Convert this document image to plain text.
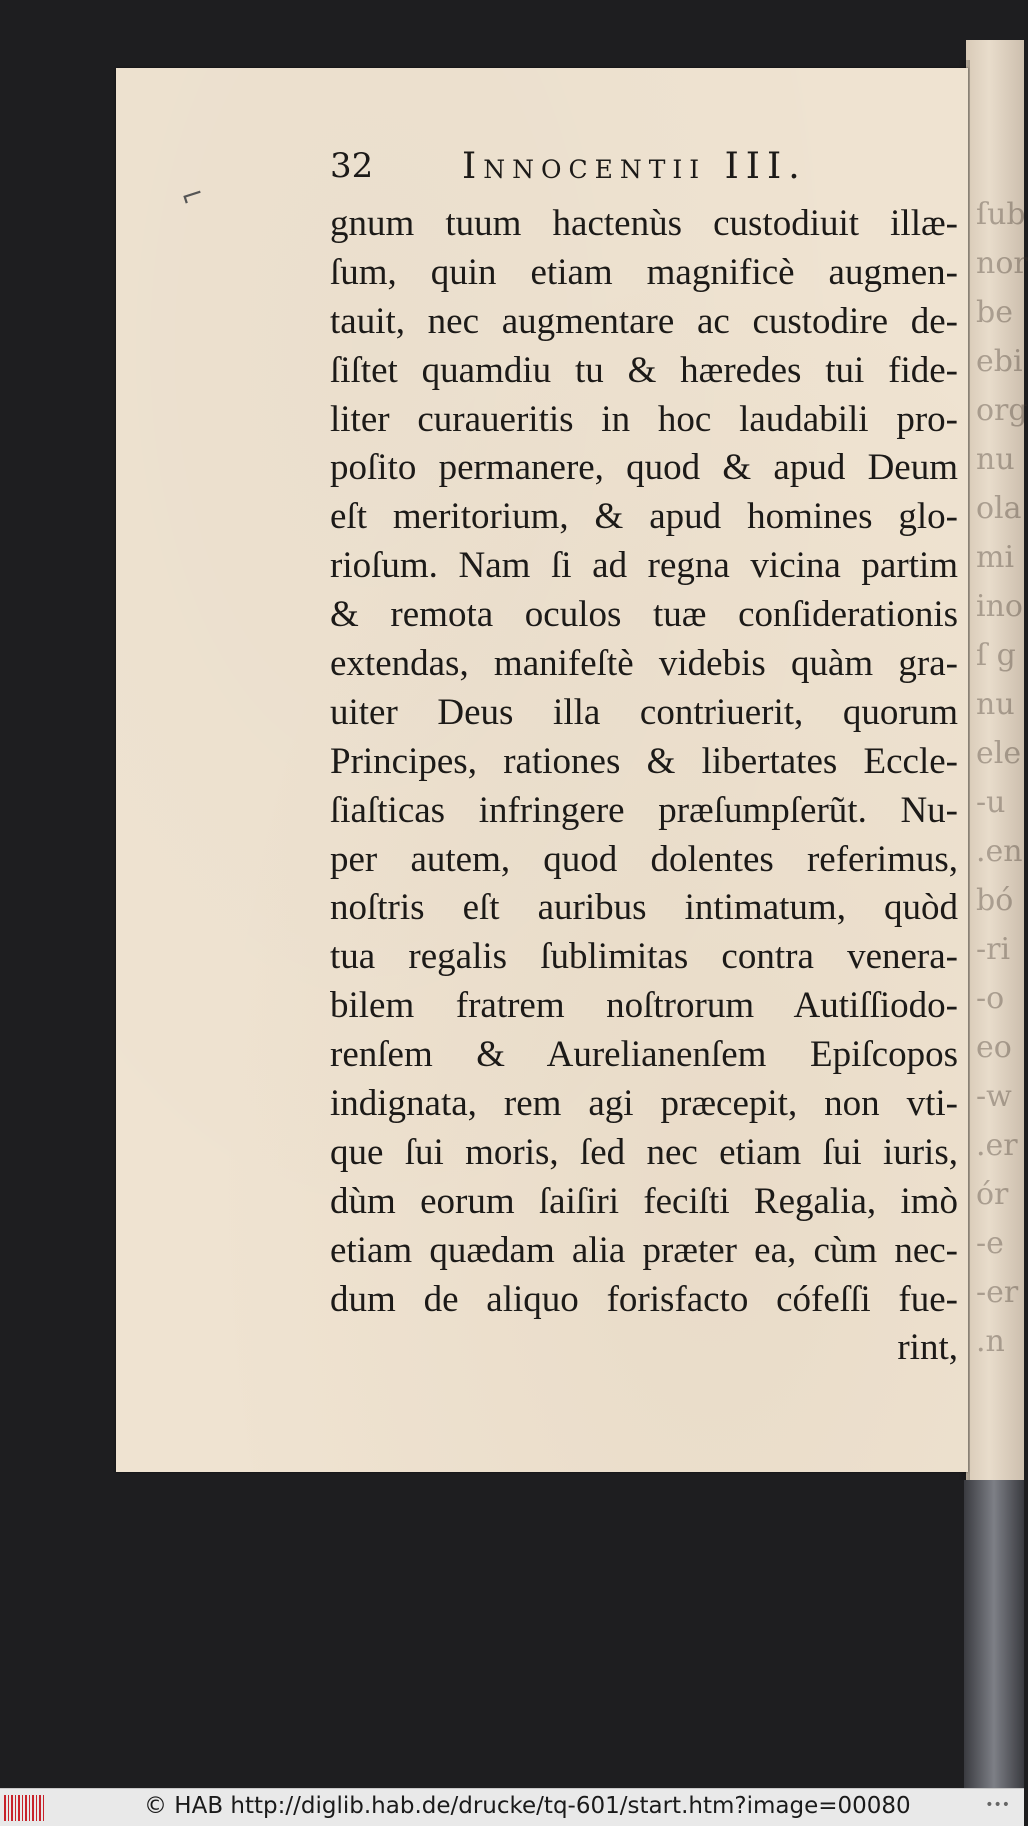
ſub
nor
be
ebi
org
nu
ola
mi
ino
ſ g
nu
ele
-u
.en
bó
-ri
-o
eo
-w
.er
ór
-e
-er
.n
⌐
32 Innocentii III.
gnum tuum hactenùs custodiuit illæ-
ſum, quin etiam magnificè augmen-
tauit, nec augmentare ac custodire de-
ſiſtet quamdiu tu & hæredes tui fide-
liter curaueritis in hoc laudabili pro-
poſito permanere, quod & apud Deum
eſt meritorium, & apud homines glo-
rioſum. Nam ſi ad regna vicina partim
& remota oculos tuæ conſiderationis
extendas, manifeſtè videbis quàm gra-
uiter Deus illa contriuerit, quorum
Principes, rationes & libertates Eccle-
ſiaſticas infringere præſumpſerũt. Nu-
per autem, quod dolentes referimus,
noſtris eſt auribus intimatum, quòd
tua regalis ſublimitas contra venera-
bilem fratrem noſtrorum Autiſſiodo-
renſem & Aurelianenſem Epiſcopos
indignata, rem agi præcepit, non vti-
que ſui moris, ſed nec etiam ſui iuris,
dùm eorum ſaiſiri feciſti Regalia, imò
etiam quædam alia præter ea, cùm nec-
dum de aliquo forisfacto cófeſſi fue-
rint,
© HAB http://diglib.hab.de/drucke/tq-601/start.htm?image=00080	•••
